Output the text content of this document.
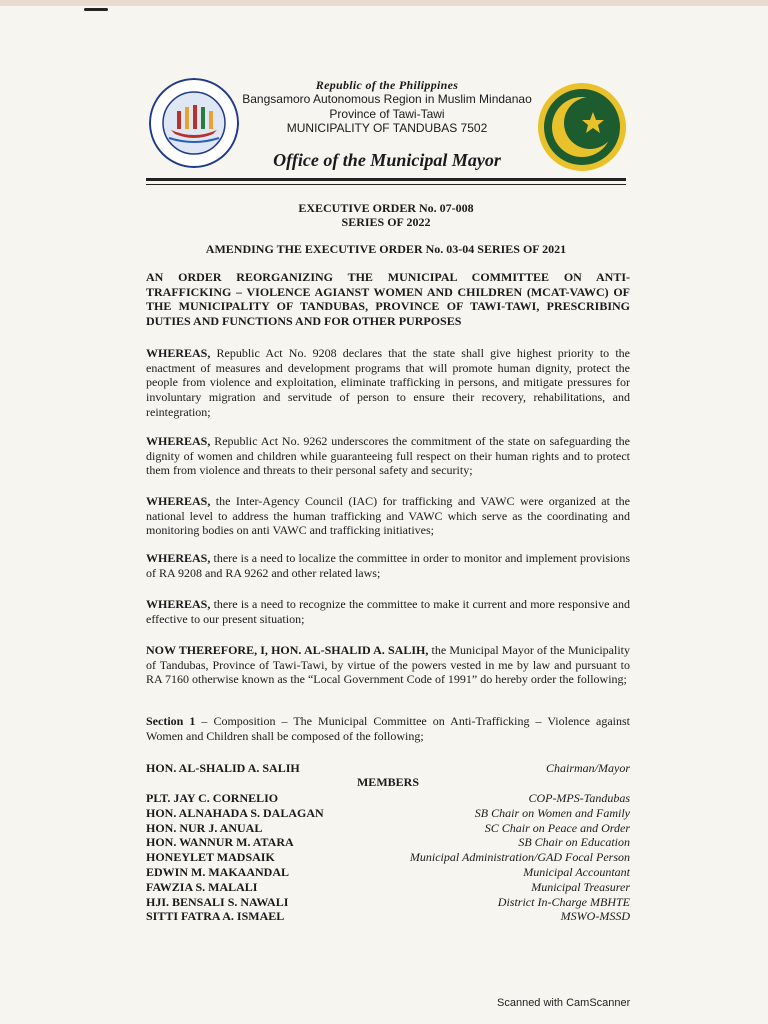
Republic of the Philippines
Bangsamoro Autonomous Region in Muslim Mindanao
Province of Tawi-Tawi
MUNICIPALITY OF TANDUBAS 7502
Office of the Municipal Mayor
EXECUTIVE ORDER No. 07-008
SERIES OF 2022
AMENDING THE EXECUTIVE ORDER No. 03-04 SERIES OF 2021
AN ORDER REORGANIZING THE MUNICIPAL COMMITTEE ON ANTI-TRAFFICKING – VIOLENCE AGIANST WOMEN AND CHILDREN (MCAT-VAWC) OF THE MUNICIPALITY OF TANDUBAS, PROVINCE OF TAWI-TAWI, PRESCRIBING DUTIES AND FUNCTIONS AND FOR OTHER PURPOSES
WHEREAS, Republic Act No. 9208 declares that the state shall give highest priority to the enactment of measures and development programs that will promote human dignity, protect the people from violence and exploitation, eliminate trafficking in persons, and mitigate pressures for involuntary migration and servitude of person to ensure their recovery, rehabilitations, and reintegration;
WHEREAS, Republic Act No. 9262 underscores the commitment of the state on safeguarding the dignity of women and children while guaranteeing full respect on their human rights and to protect them from violence and threats to their personal safety and security;
WHEREAS, the Inter-Agency Council (IAC) for trafficking and VAWC were organized at the national level to address the human trafficking and VAWC which serve as the coordinating and monitoring bodies on anti VAWC and trafficking initiatives;
WHEREAS, there is a need to localize the committee in order to monitor and implement provisions of RA 9208 and RA 9262 and other related laws;
WHEREAS, there is a need to recognize the committee to make it current and more responsive and effective to our present situation;
NOW THEREFORE, I, HON. AL-SHALID A. SALIH, the Municipal Mayor of the Municipality of Tandubas, Province of Tawi-Tawi, by virtue of the powers vested in me by law and pursuant to RA 7160 otherwise known as the “Local Government Code of 1991” do hereby order the following;
Section 1 – Composition – The Municipal Committee on Anti-Trafficking – Violence against Women and Children shall be composed of the following;
HON. AL-SHALID A. SALIH	Chairman/Mayor
MEMBERS
PLT. JAY C. CORNELIO	COP-MPS-Tandubas
HON. ALNAHADA S. DALAGAN	SB Chair on Women and Family
HON. NUR J. ANUAL	SC Chair on Peace and Order
HON. WANNUR M. ATARA	SB Chair on Education
HONEYLET MADSAIK	Municipal Administration/GAD Focal Person
EDWIN M. MAKAANDAL	Municipal Accountant
FAWZIA S. MALALI	Municipal Treasurer
HJI. BENSALI S. NAWALI	District In-Charge MBHTE
SITTI FATRA A. ISMAEL	MSWO-MSSD
Scanned with CamScanner
